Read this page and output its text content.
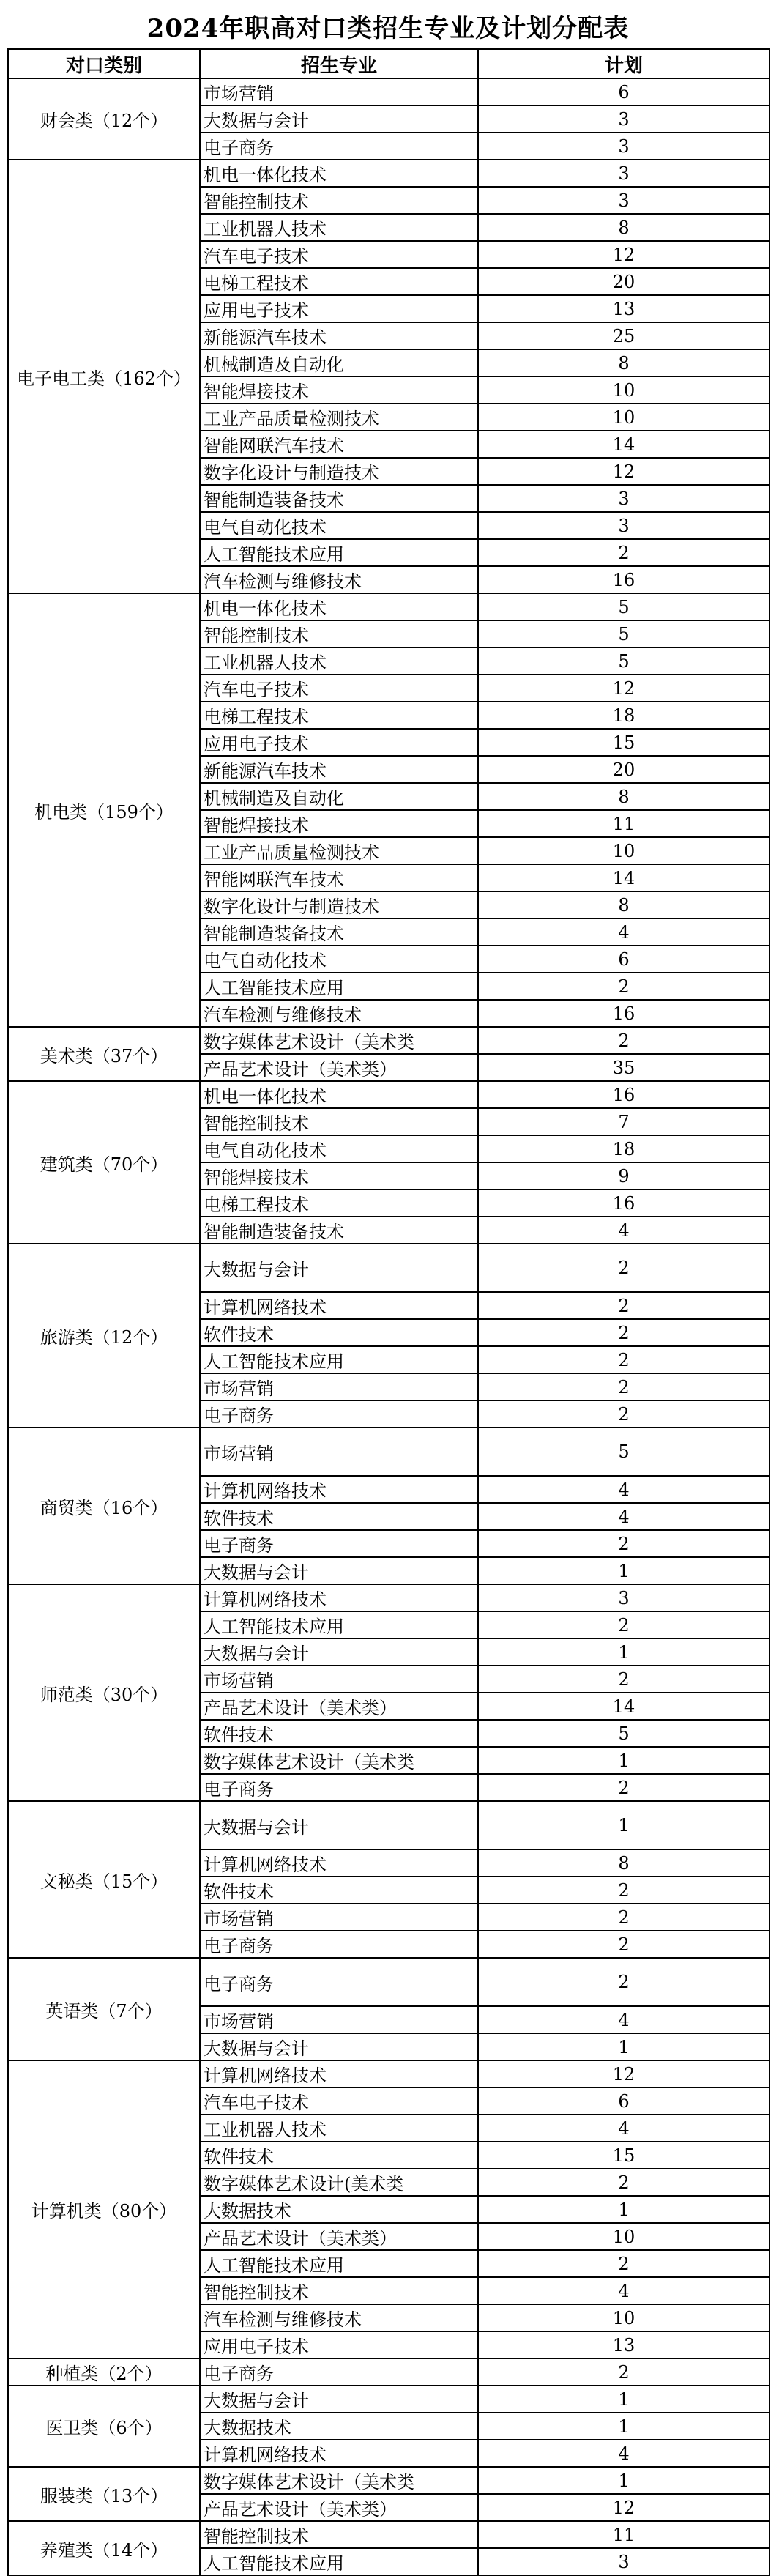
2024年职高对口类招生专业及计划分配表
对口类别	招生专业	计划
财会类（12个）	市场营销	6
	大数据与会计	3
	电子商务	3
电子电工类（162个）	机电一体化技术	3
	智能控制技术	3
	工业机器人技术	8
	汽车电子技术	12
	电梯工程技术	20
	应用电子技术	13
	新能源汽车技术	25
	机械制造及自动化	8
	智能焊接技术	10
	工业产品质量检测技术	10
	智能网联汽车技术	14
	数字化设计与制造技术	12
	智能制造装备技术	3
	电气自动化技术	3
	人工智能技术应用	2
	汽车检测与维修技术	16
机电类（159个）	机电一体化技术	5
	智能控制技术	5
	工业机器人技术	5
	汽车电子技术	12
	电梯工程技术	18
	应用电子技术	15
	新能源汽车技术	20
	机械制造及自动化	8
	智能焊接技术	11
	工业产品质量检测技术	10
	智能网联汽车技术	14
	数字化设计与制造技术	8
	智能制造装备技术	4
	电气自动化技术	6
	人工智能技术应用	2
	汽车检测与维修技术	16
美术类（37个）	数字媒体艺术设计（美术类	2
	产品艺术设计（美术类）	35
建筑类（70个）	机电一体化技术	16
	智能控制技术	7
	电气自动化技术	18
	智能焊接技术	9
	电梯工程技术	16
	智能制造装备技术	4
旅游类（12个）	大数据与会计	2
	计算机网络技术	2
	软件技术	2
	人工智能技术应用	2
	市场营销	2
	电子商务	2
商贸类（16个）	市场营销	5
	计算机网络技术	4
	软件技术	4
	电子商务	2
	大数据与会计	1
师范类（30个）	计算机网络技术	3
	人工智能技术应用	2
	大数据与会计	1
	市场营销	2
	产品艺术设计（美术类）	14
	软件技术	5
	数字媒体艺术设计（美术类	1
	电子商务	2
文秘类（15个）	大数据与会计	1
	计算机网络技术	8
	软件技术	2
	市场营销	2
	电子商务	2
英语类（7个）	电子商务	2
	市场营销	4
	大数据与会计	1
计算机类（80个）	计算机网络技术	12
	汽车电子技术	6
	工业机器人技术	4
	软件技术	15
	数字媒体艺术设计(美术类	2
	大数据技术	1
	产品艺术设计（美术类）	10
	人工智能技术应用	2
	智能控制技术	4
	汽车检测与维修技术	10
	应用电子技术	13
种植类（2个）	电子商务	2
医卫类（6个）	大数据与会计	1
	大数据技术	1
	计算机网络技术	4
服装类（13个）	数字媒体艺术设计（美术类	1
	产品艺术设计（美术类）	12
养殖类（14个）	智能控制技术	11
	人工智能技术应用	3
